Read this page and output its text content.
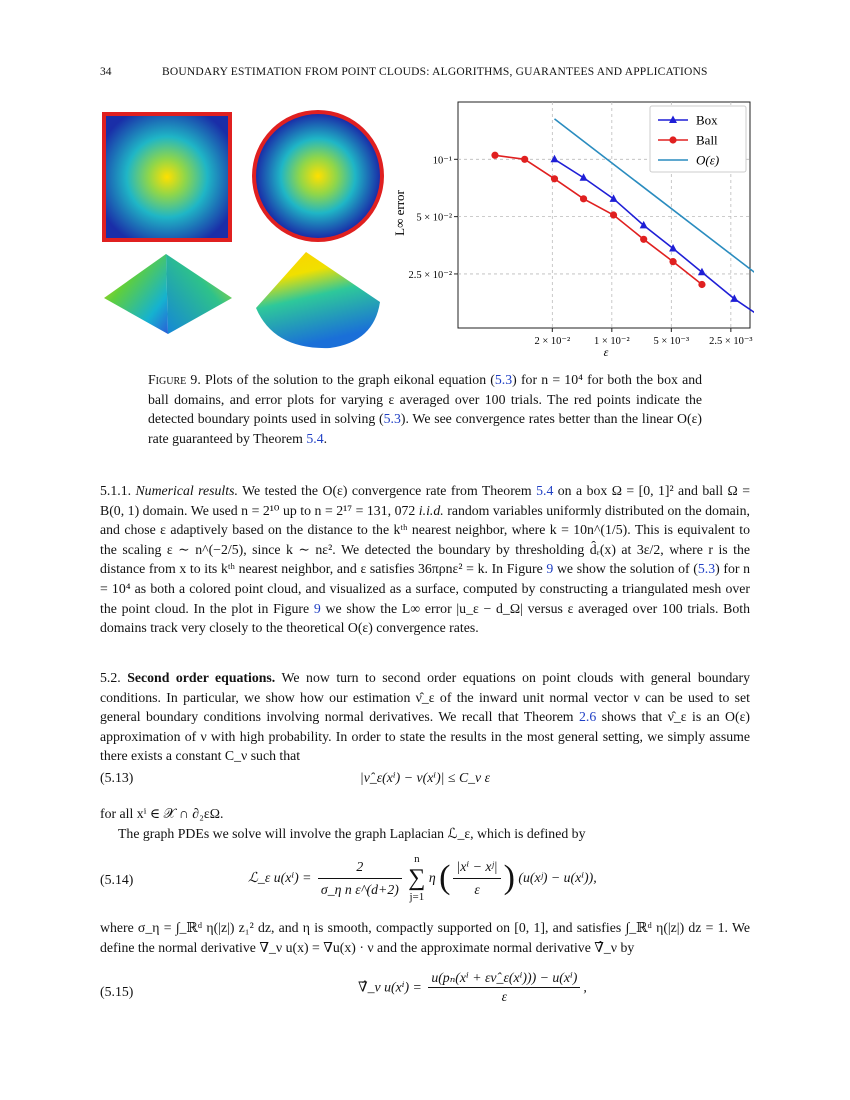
34	BOUNDARY ESTIMATION FROM POINT CLOUDS: ALGORITHMS, GUARANTEES AND APPLICATIONS
2 × 10⁻² 1 × 10⁻² 5 × 10⁻³ 2.5 × 10⁻³
10⁻¹
5 × 10⁻²
2.5 × 10⁻²
ε
L∞ error
Box
Ball
O(ε)
Figure 9. Plots of the solution to the graph eikonal equation (5.3) for n = 10⁴ for both the box and ball domains, and error plots for varying ε averaged over 100 trials. The red points indicate the detected boundary points used in solving (5.3). We see convergence rates better than the linear O(ε) rate guaranteed by Theorem 5.4.
5.1.1. Numerical results. We tested the O(ε) convergence rate from Theorem 5.4 on a box Ω = [0, 1]² and ball Ω = B(0, 1) domain. We used n = 2¹⁰ up to n = 2¹⁷ = 131, 072 i.i.d. random variables uniformly distributed on the domain, and chose ε adaptively based on the distance to the kᵗʰ nearest neighbor, where k = 10n^(1/5). This is equivalent to the scaling ε ∼ n^(−2/5), since k ∼ nε². We detected the boundary by thresholding d̂ᵣ(x) at 3ε/2, where r is the distance from x to its kᵗʰ nearest neighbor, and ε satisfies 36πρnε² = k. In Figure 9 we show the solution of (5.3) for n = 10⁴ as both a colored point cloud, and visualized as a surface, computed by constructing a triangulated mesh over the point cloud. In the plot in Figure 9 we show the L∞ error |u_ε − d_Ω| versus ε averaged over 100 trials. Both domains track very closely to the theoretical O(ε) convergence rates.
5.2. Second order equations. We now turn to second order equations on point clouds with general boundary conditions. In particular, we show how our estimation ν̂_ε of the inward unit normal vector ν can be used to set general boundary conditions involving normal derivatives. We recall that Theorem 2.6 shows that ν̂_ε is an O(ε) approximation of ν with high probability. In order to state the results in the most general setting, we simply assume there exists a constant C_ν such that
(5.13)	|ν̂_ε(xⁱ) − ν(xⁱ)| ≤ C_ν ε
for all xⁱ ∈ 𝒳 ∩ ∂₂εΩ.
The graph PDEs we solve will involve the graph Laplacian ℒ_ε, which is defined by
(5.14)	ℒ_ε $u(x^i) = \frac{2}{\text{σ\_η n ε\textasciicircum{}(d+2)}}$
	n
∑
j=1
η ( $\frac{\text{|xⁱ − xʲ|}}{\varepsilon}$ ) (u(xʲ) − u(xⁱ)),
where σ_η = ∫_ℝᵈ η(|z|) z₁² dz, and η is smooth, compactly supported on [0, 1], and satisfies ∫_ℝᵈ η(|z|) dz = 1. We define the normal derivative ∇_ν u(x) = ∇u(x) · ν and the approximate normal derivative ∇̂_ν by
(5.15)	∇̂_ν $u(x^i) = \frac{\text{u(pₙ(xⁱ + εν̂\_ε(xⁱ))) − u(xⁱ)}}{\varepsilon}$ ,
